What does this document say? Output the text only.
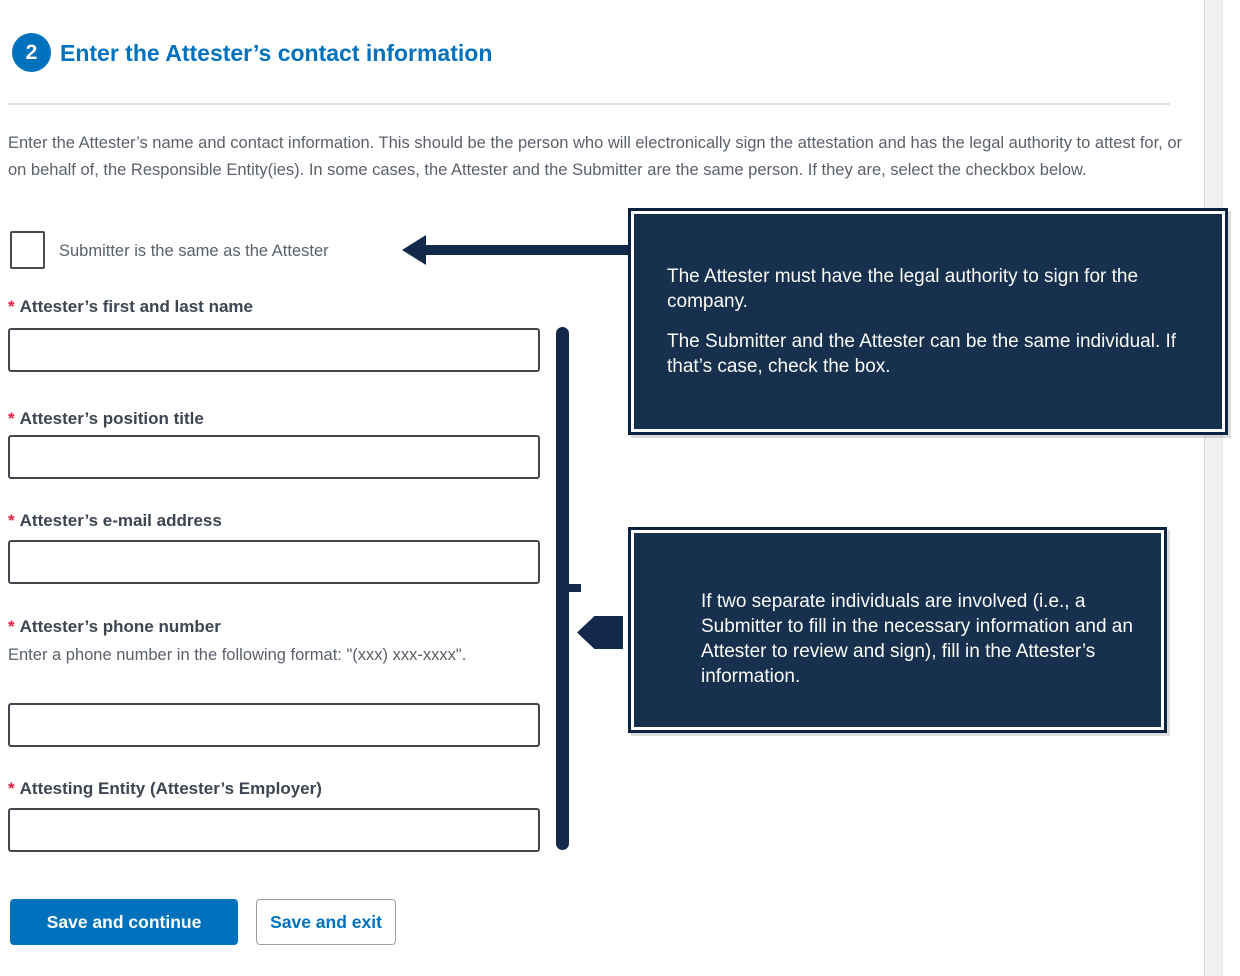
2 Enter the Attester’s contact information

Enter the Attester’s name and contact information. This should be the person who will electronically sign the attestation and has the legal authority to attest for, or on behalf of, the Responsible Entity(ies). In some cases, the Attester and the Submitter are the same person. If they are, select the checkbox below.

Submitter is the same as the Attester

The Attester must have the legal authority to sign for the company.

The Submitter and the Attester can be the same individual. If that’s case, check the box.

* Attester’s first and last name
* Attester’s position title
* Attester’s e-mail address
* Attester’s phone number
Enter a phone number in the following format: "(xxx) xxx-xxxx".
* Attesting Entity (Attester’s Employer)

If two separate individuals are involved (i.e., a Submitter to fill in the necessary information and an Attester to review and sign), fill in the Attester’s information.

Save and continue	Save and exit
